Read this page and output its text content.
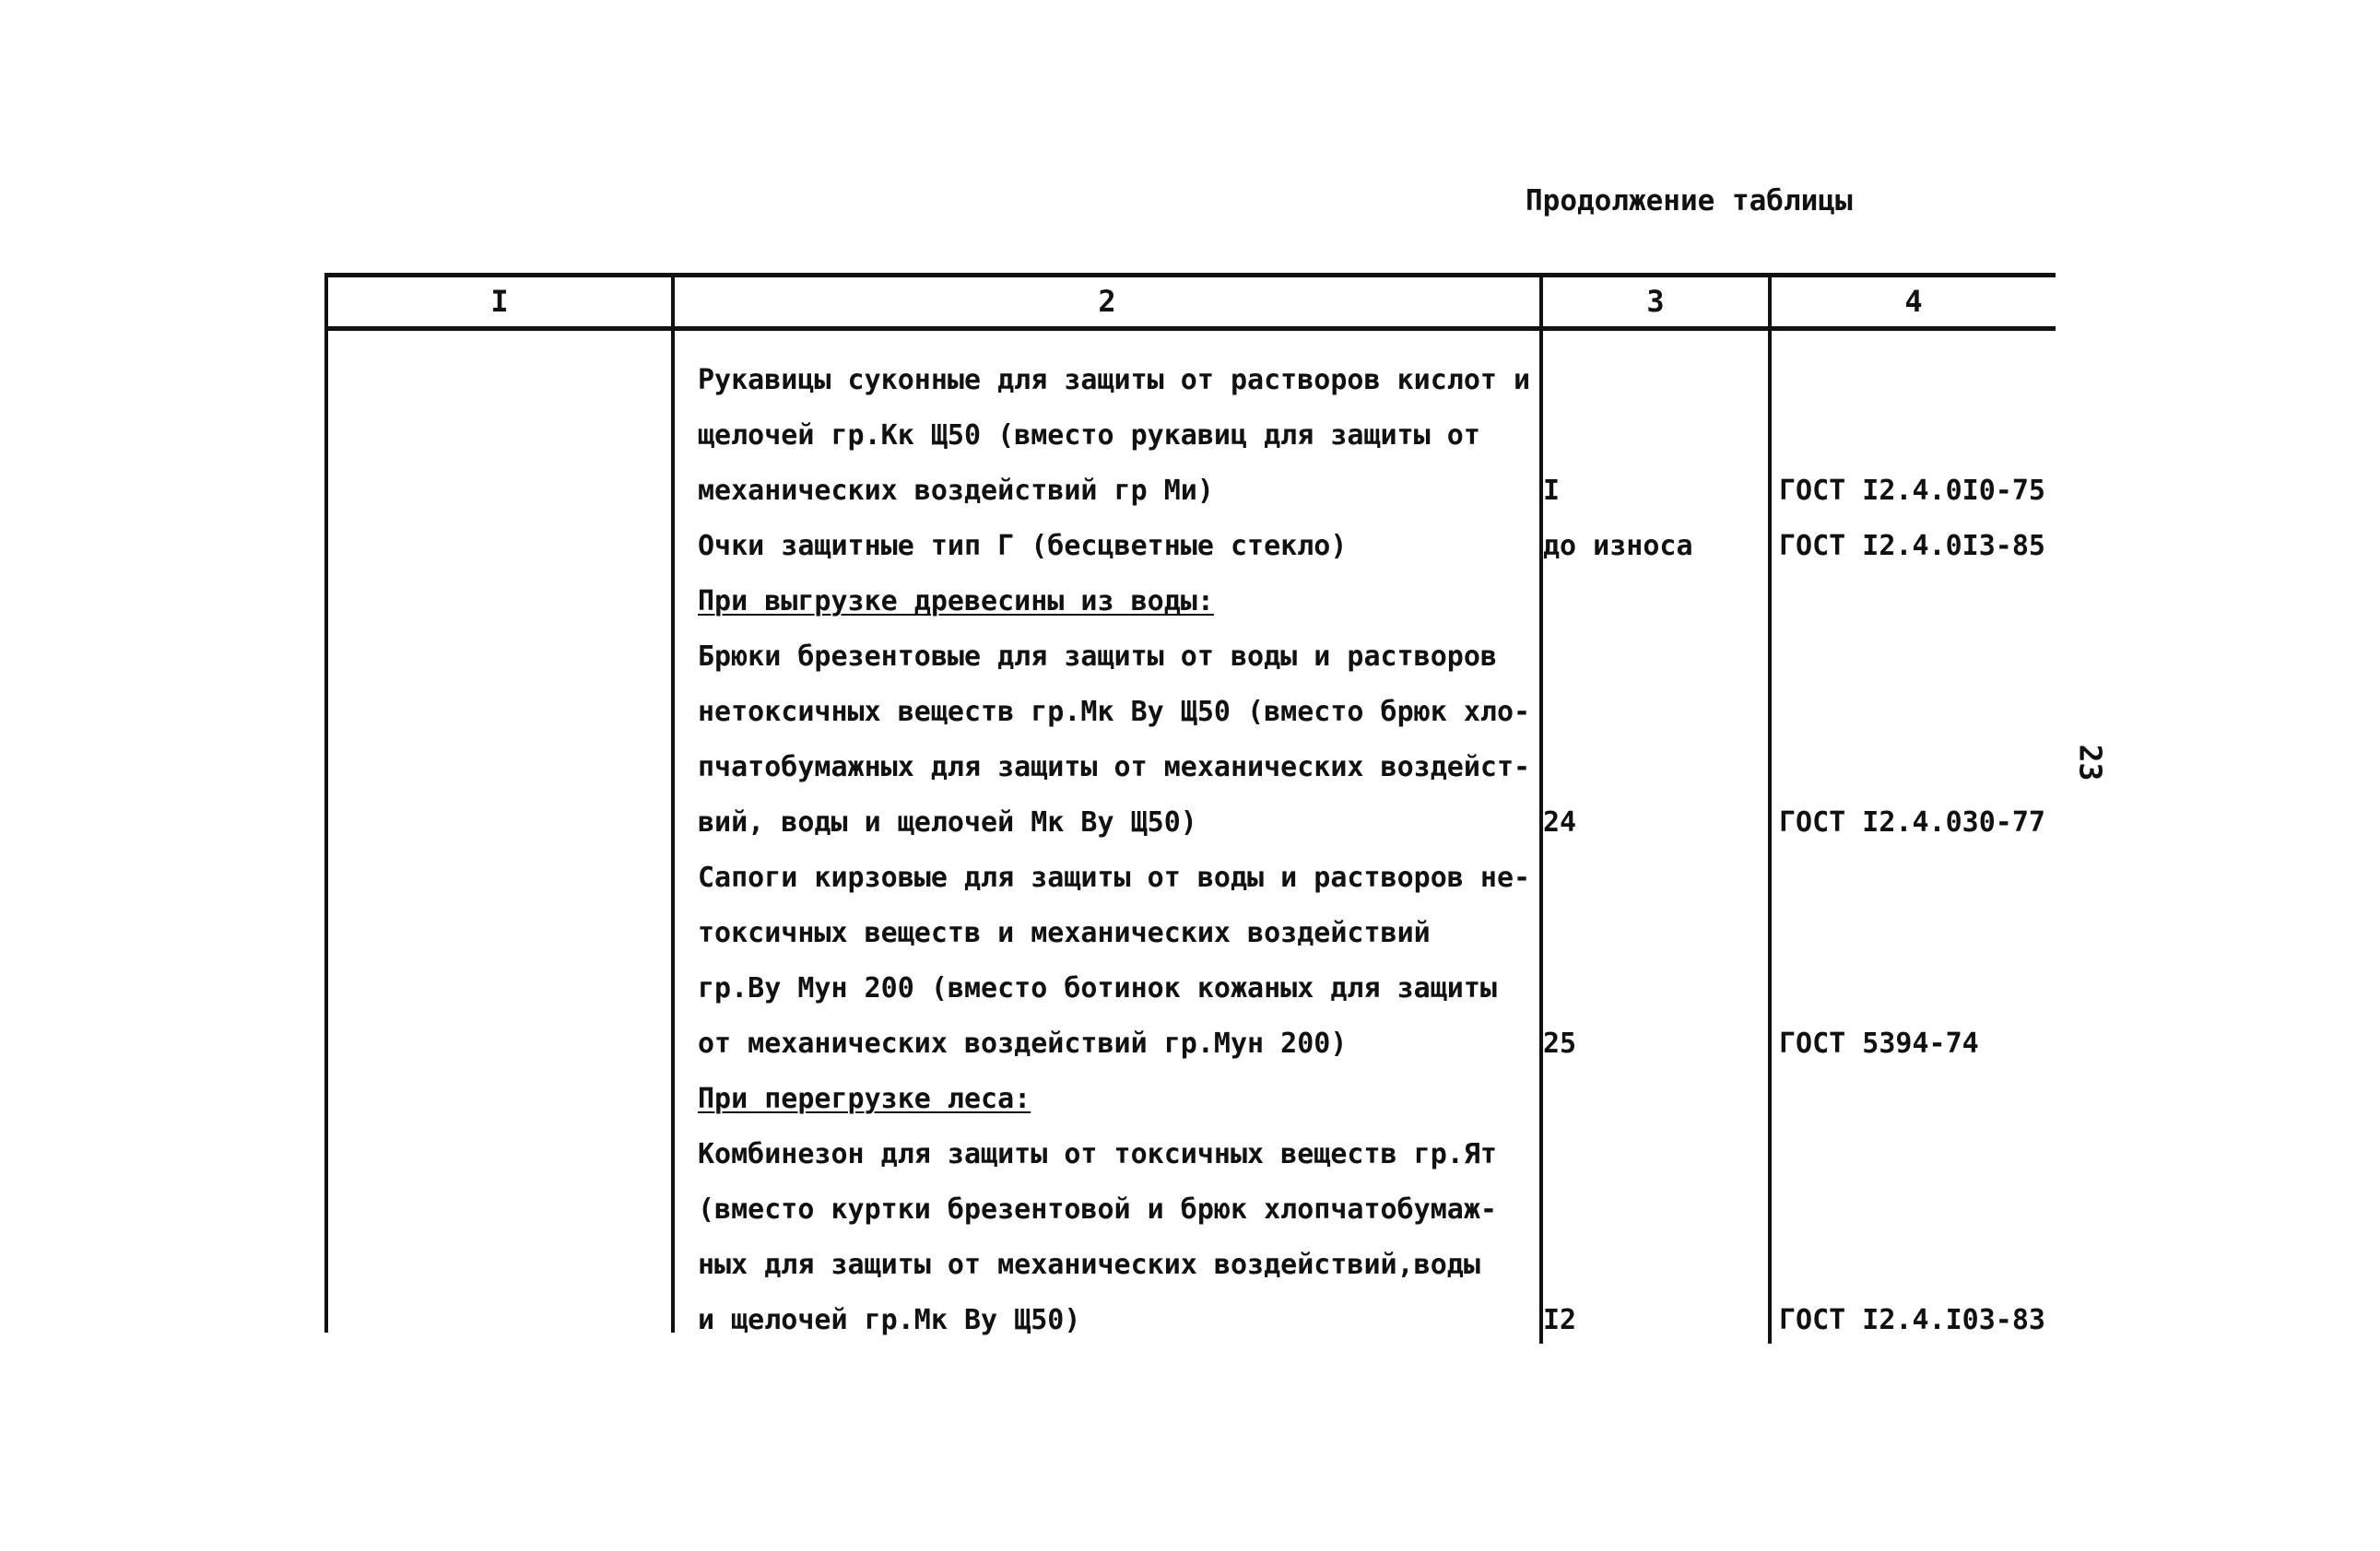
Продолжение таблицы
23
I	2	3	4
Рукавицы суконные для защиты от растворов кислот и
щелочей гр.Кк Щ50 (вместо рукавиц для защиты от
механических воздействий гр Ми)	I	ГОСТ I2.4.0I0-75
Очки защитные тип Г (бесцветные стекло)	до износа	ГОСТ I2.4.0I3-85
При выгрузке древесины из воды:
Брюки брезентовые для защиты от воды и растворов
нетоксичных веществ гр.Мк Ву Щ50 (вместо брюк хло-
пчатобумажных для защиты от механических воздейст-
вий, воды и щелочей Мк Ву Щ50)	24	ГОСТ I2.4.030-77
Сапоги кирзовые для защиты от воды и растворов не-
токсичных веществ и механических воздействий
гр.Ву Мун 200 (вместо ботинок кожаных для защиты
от механических воздействий гр.Мун 200)	25	ГОСТ 5394-74
При перегрузке леса:
Комбинезон для защиты от токсичных веществ гр.Ят
(вместо куртки брезентовой и брюк хлопчатобумаж-
ных для защиты от механических воздействий,воды
и щелочей гр.Мк Ву Щ50)	I2	ГОСТ I2.4.I03-83
